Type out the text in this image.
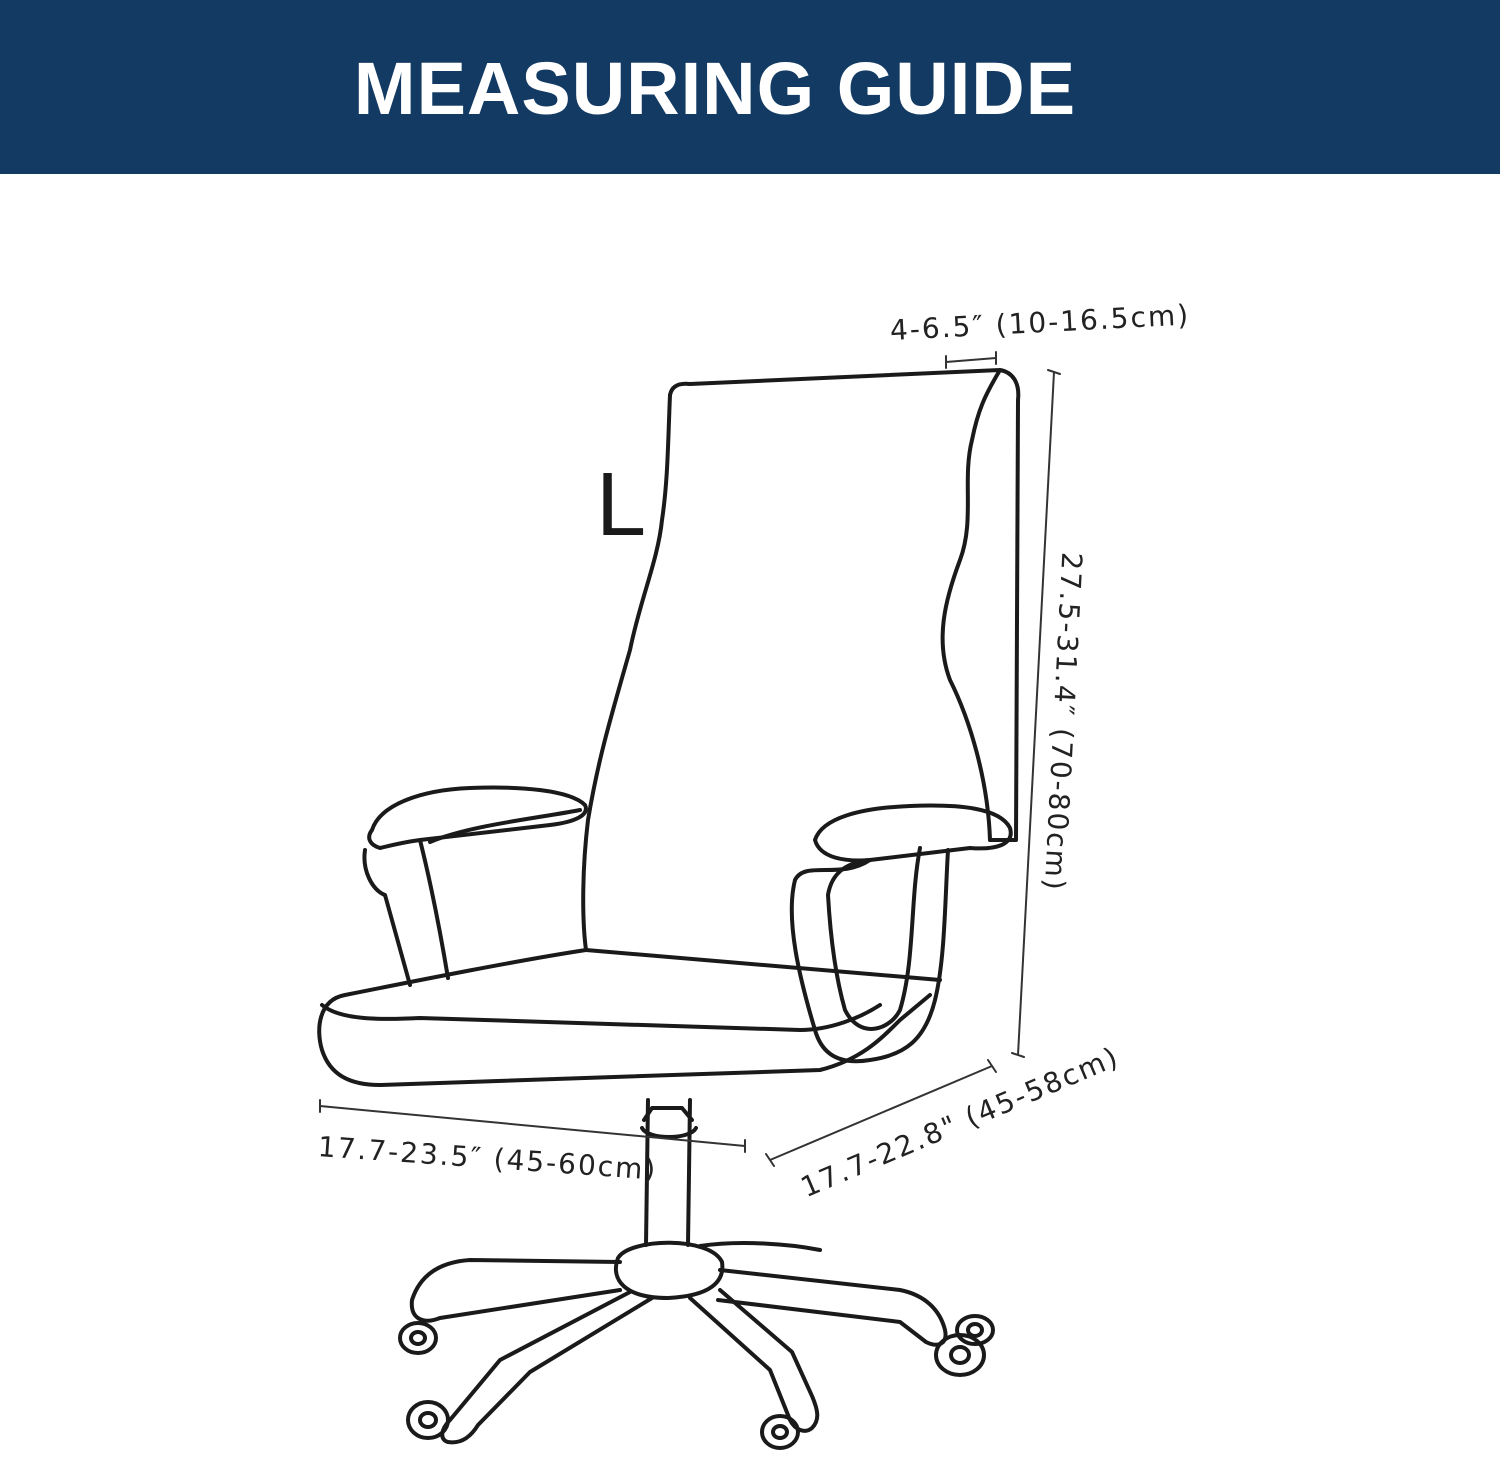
MEASURING GUIDE
L
4-6.5″ (10-16.5cm)
27.5-31.4″ (70-80cm)
17.7-23.5″ (45-60cm)	17.7-22.8" (45-58cm)
